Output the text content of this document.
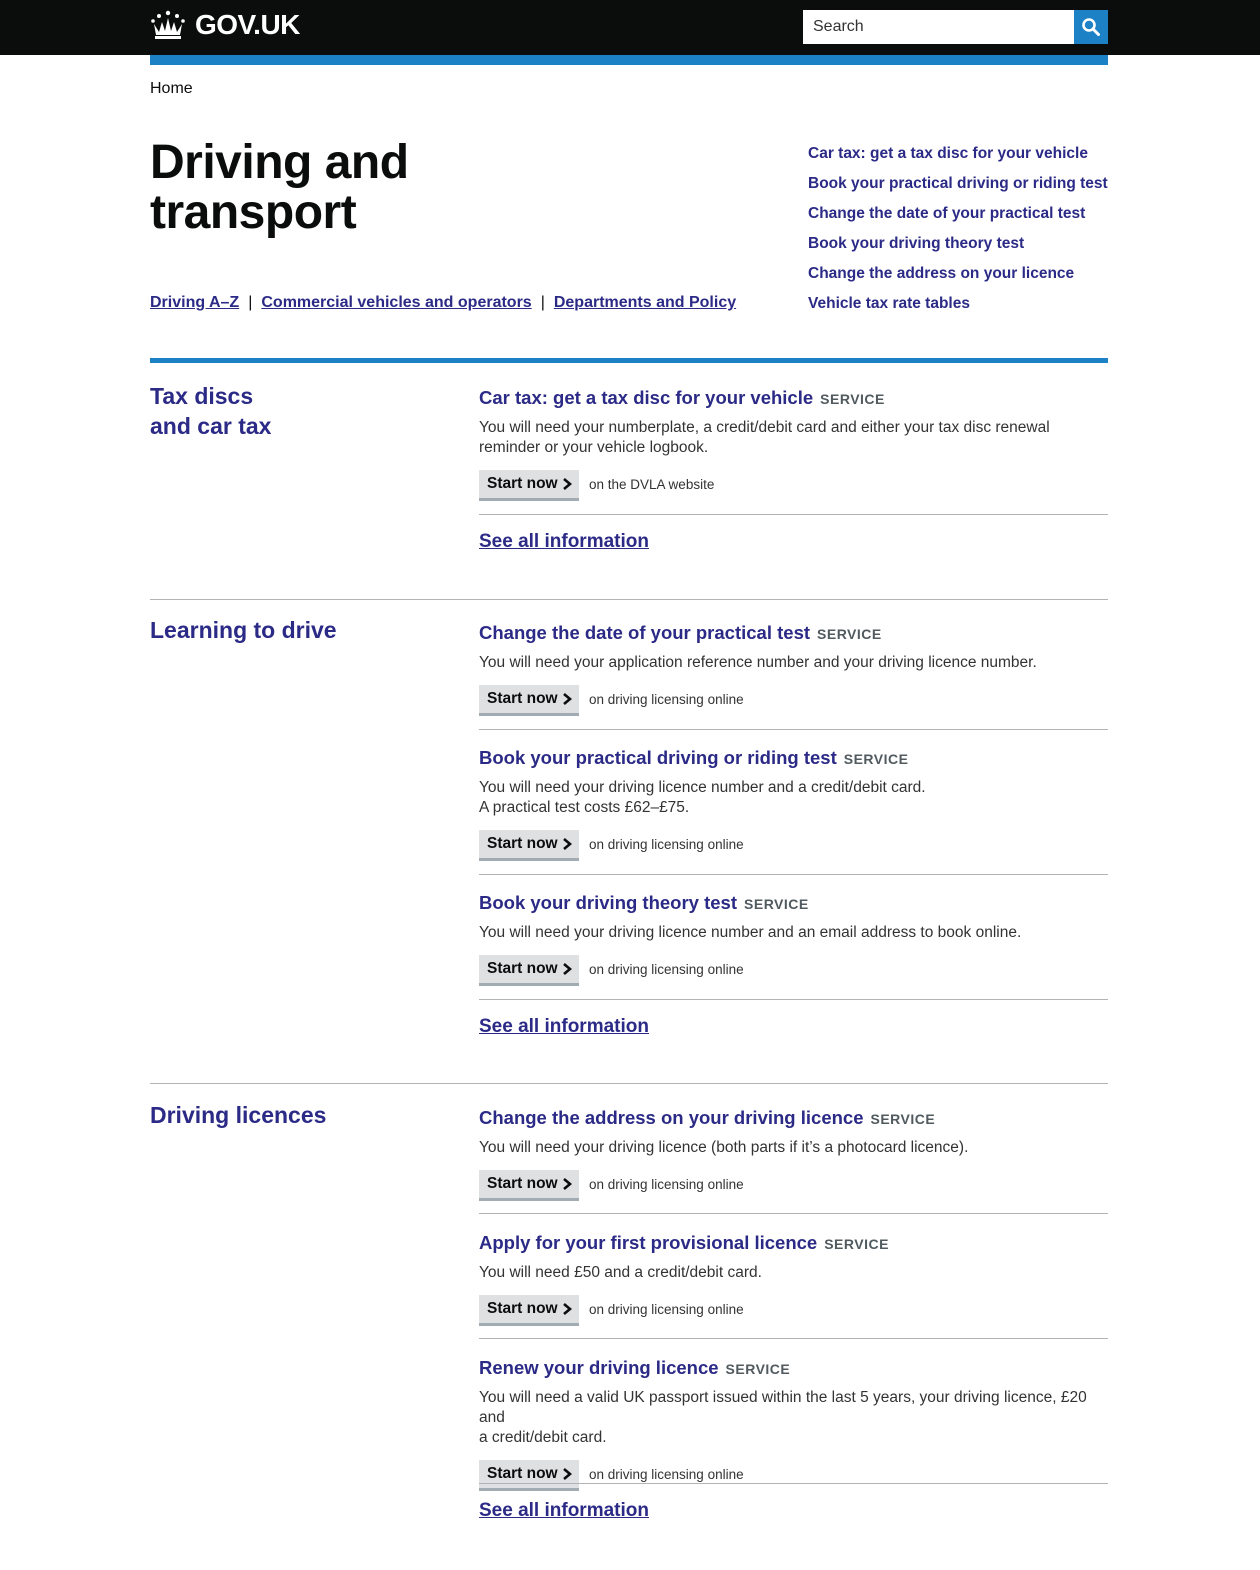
GOV.UK
Search
Home
Driving and transport
Driving A–Z | Commercial vehicles and operators | Departments and Policy
Car tax: get a tax disc for your vehicle
Book your practical driving or riding test
Change the date of your practical test
Book your driving theory test
Change the address on your licence
Vehicle tax rate tables
Tax discs
and car tax
Car tax: get a tax disc for your vehicle SERVICE

You will need your numberplate, a credit/debit card and either your tax disc renewal
reminder or your vehicle logbook.

Start now on the DVLA website
See all information
Learning to drive	Change the date of your practical test SERVICE

You will need your application reference number and your driving licence number.

Start now on driving licensing online
Book your practical driving or riding test SERVICE

You will need your driving licence number and a credit/debit card.
A practical test costs £62–£75.

Start now on driving licensing online
Book your driving theory test SERVICE

You will need your driving licence number and an email address to book online.

Start now on driving licensing online
See all information
Driving licences	Change the address on your driving licence SERVICE

You will need your driving licence (both parts if it’s a photocard licence).

Start now on driving licensing online
Apply for your first provisional licence SERVICE

You will need £50 and a credit/debit card.

Start now on driving licensing online
Renew your driving licence SERVICE

You will need a valid UK passport issued within the last 5 years, your driving licence, £20 and
a credit/debit card.

Start now on driving licensing online
See all information
